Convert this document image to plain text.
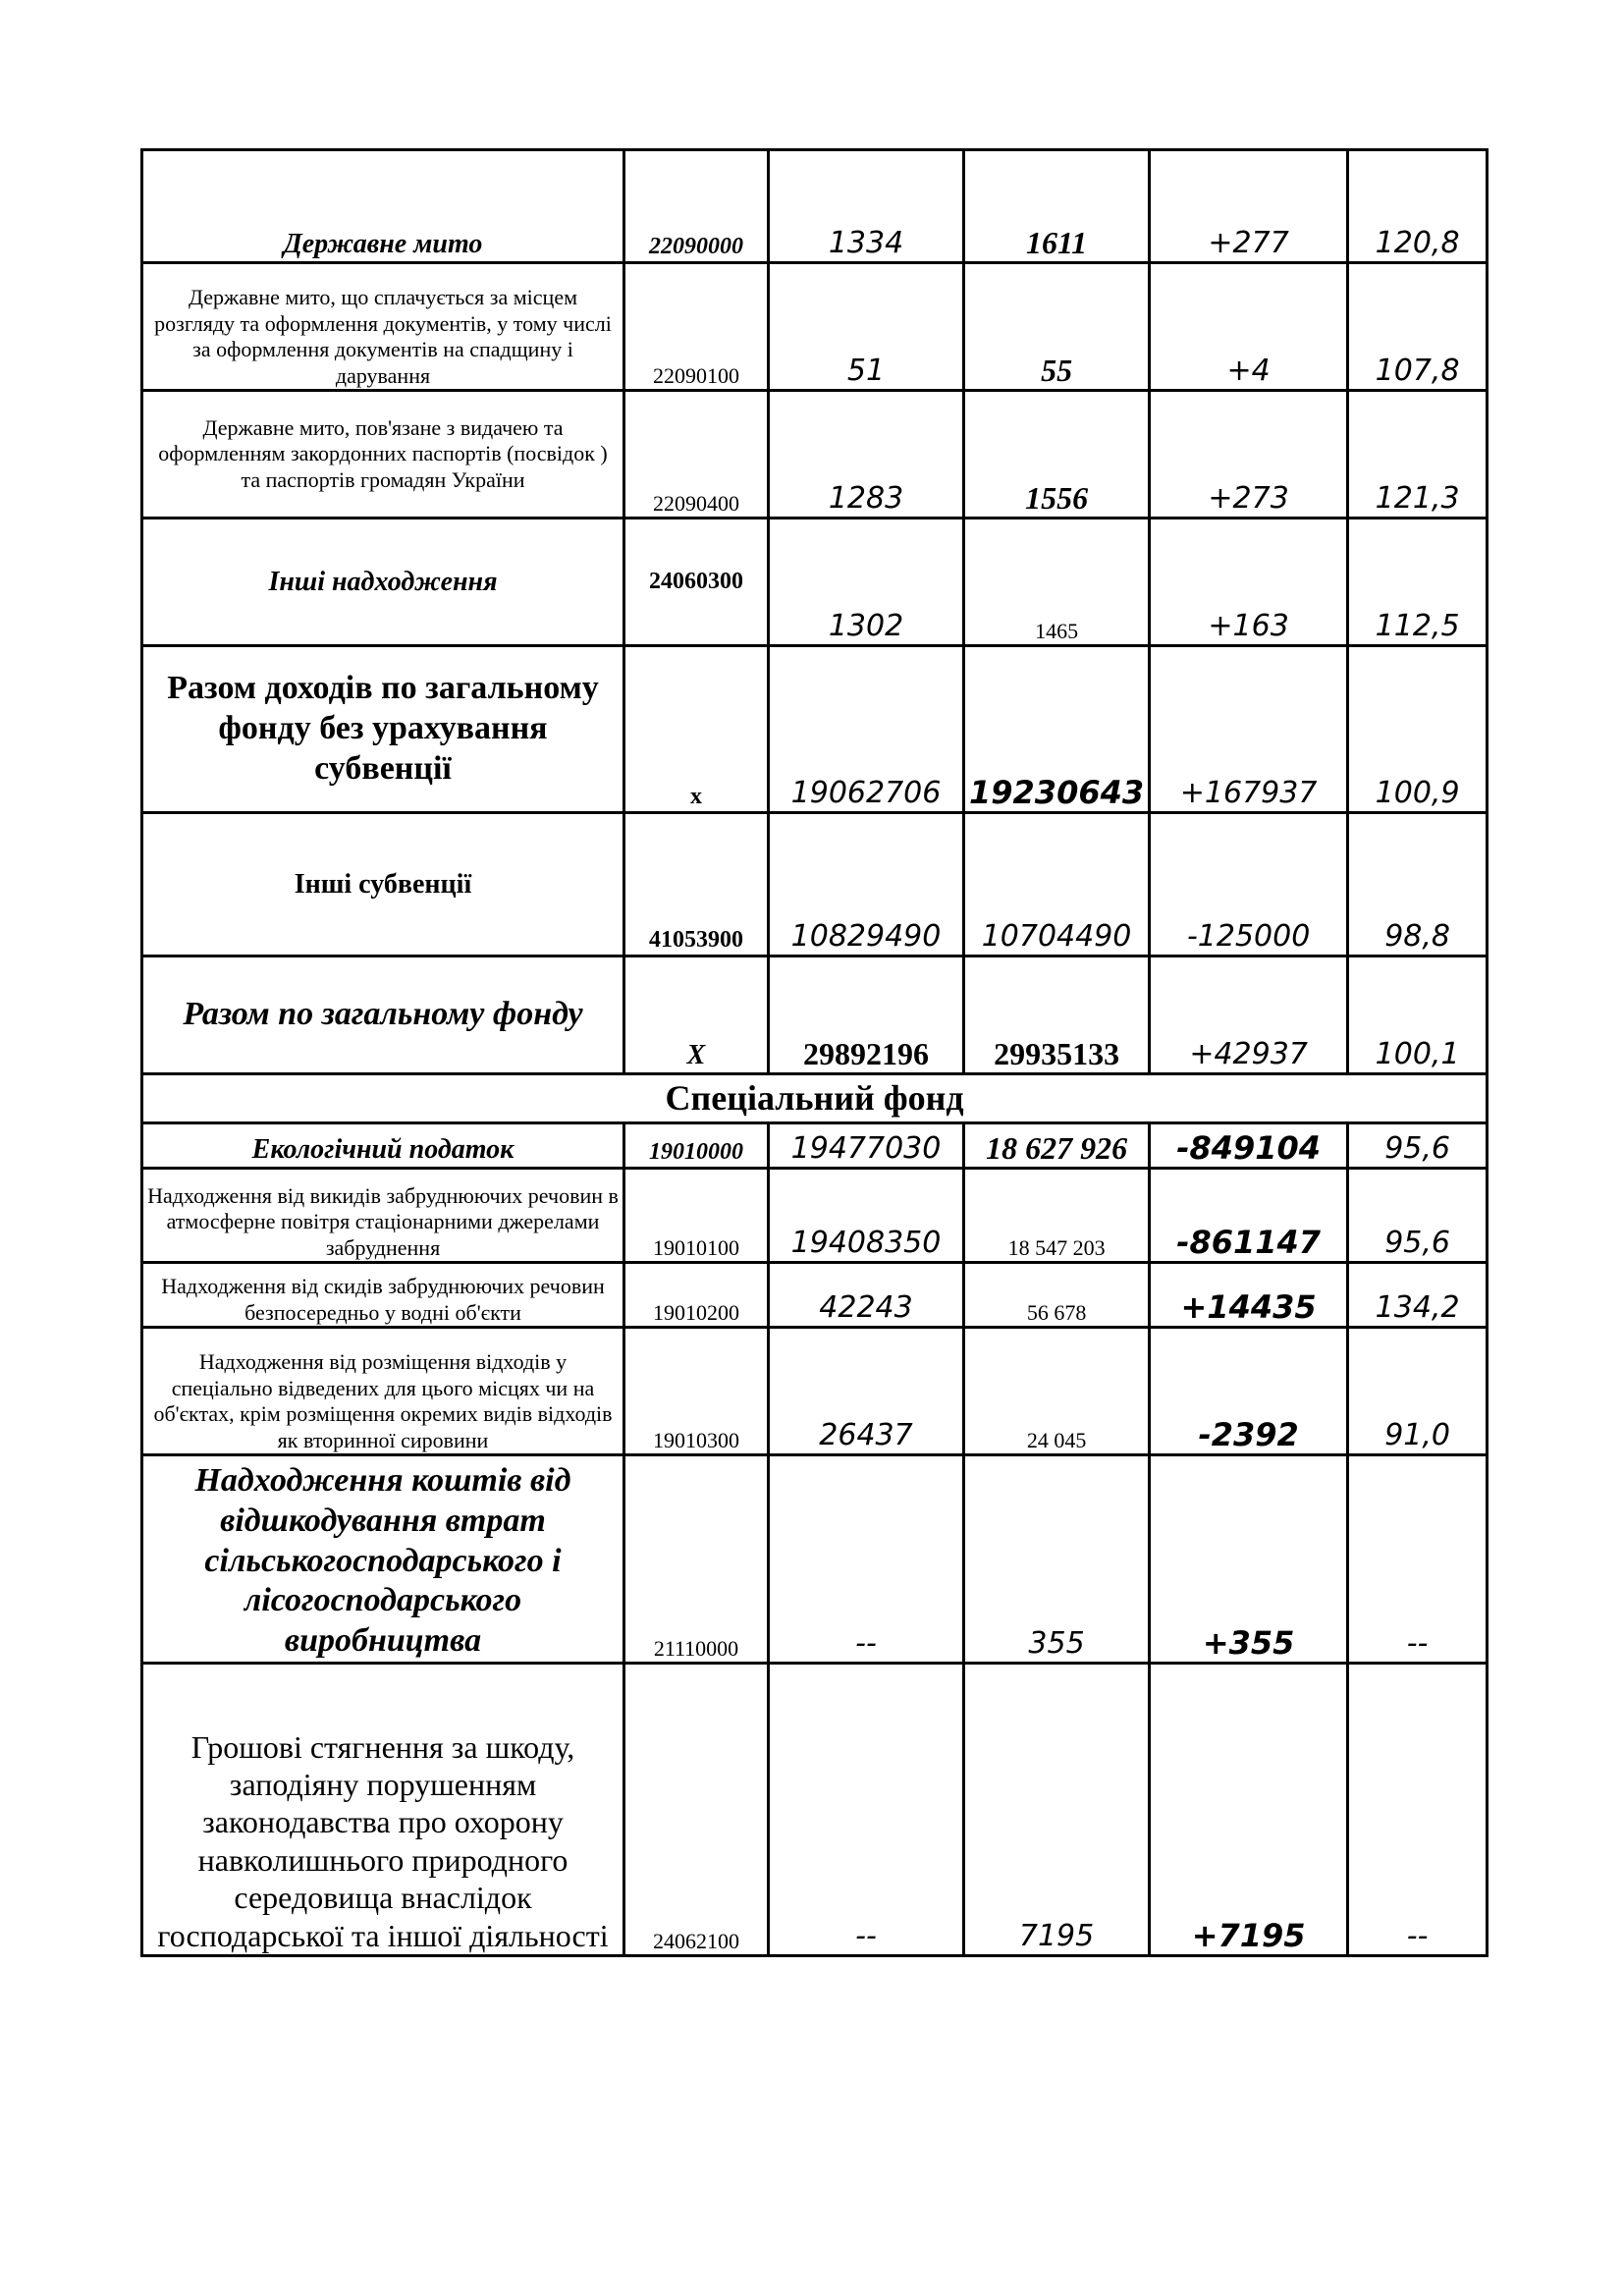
Державне мито	22090000	1334	1611	+277	120,8
Державне мито, що сплачується за місцем розгляду та оформлення документів, у тому числі за оформлення документів на спадщину і дарування	22090100	51	55	+4	107,8
Державне мито, пов'язане з видачею та оформленням закордонних паспортів (посвідок ) та паспортів громадян України	22090400	1283	1556	+273	121,3
Інші надходження	24060300	1302	1465	+163	112,5
Разом доходів по загальному фонду без урахування субвенції	х	19062706	19230643	+167937	100,9
Інші субвенції	41053900	10829490	10704490	-125000	98,8
Разом по загальному фонду	Х	29892196	29935133	+42937	100,1
Спеціальний фонд					
Екологічний податок	19010000	19477030	18 627 926	-849104	95,6
Надходження від викидів забруднюючих речовин в атмосферне повітря стаціонарними джерелами забруднення	19010100	19408350	18 547 203	-861147	95,6
Надходження від скидів забруднюючих речовин безпосередньо у водні об'єкти	19010200	42243	56 678	+14435	134,2
Надходження від розміщення відходів у спеціально відведених для цього місцях чи на об'єктах, крім розміщення окремих видів відходів як вторинної сировини	19010300	26437	24 045	-2392	91,0
Надходження коштів від відшкодування втрат сільськогосподарського і лісогосподарського виробництва	21110000	--	355	+355	--
Грошові стягнення за шкоду, заподіяну порушенням законодавства про охорону навколишнього природного середовища внаслідок господарської та іншої діяльності	24062100	--	7195	+7195	--
